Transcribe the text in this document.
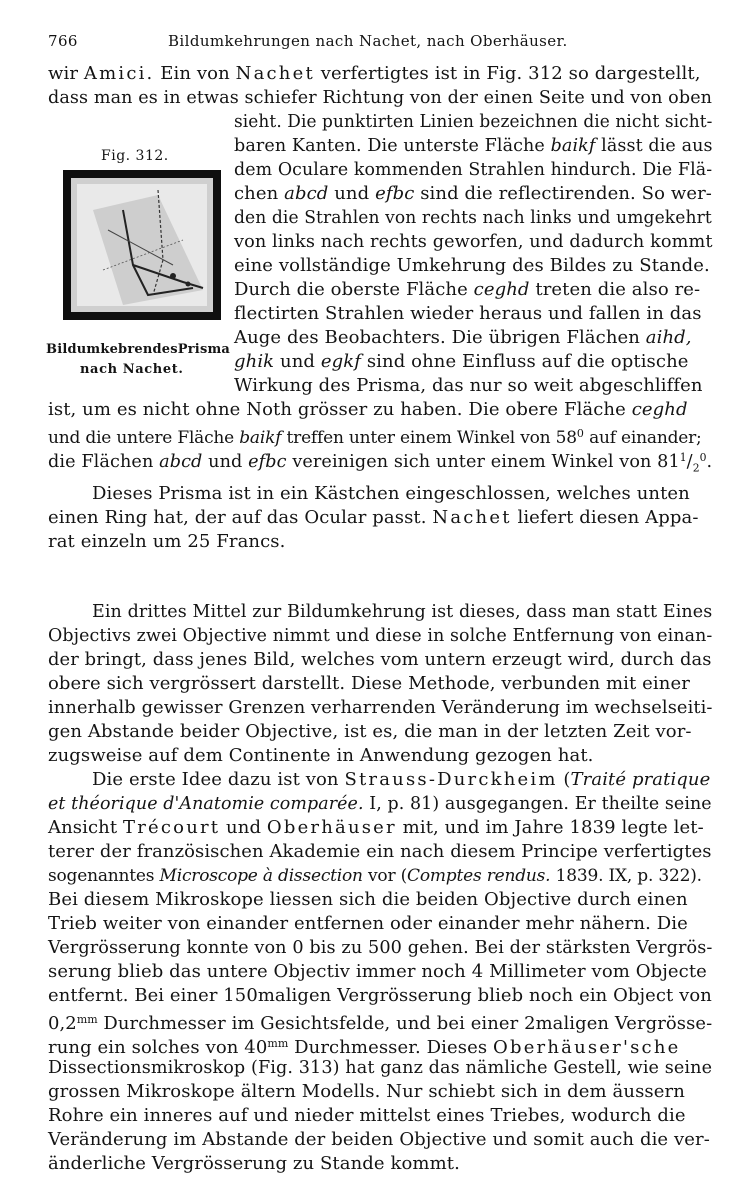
766	Bildumkehrungen nach Nachet, nach Oberhäuser.
Fig. 312.
BildumkebrendesPrisma
nach Nachet.
wir Amici. Ein von Nachet verfertigtes ist in Fig. 312 so dargestellt,
dass man es in etwas schiefer Richtung von der einen Seite und von oben
sieht. Die punktirten Linien bezeichnen die nicht sicht-
baren Kanten. Die unterste Fläche baikf lässt die aus
dem Oculare kommenden Strahlen hindurch. Die Flä-
chen abcd und efbc sind die reflectirenden. So wer-
den die Strahlen von rechts nach links und umgekehrt
von links nach rechts geworfen, und dadurch kommt
eine vollständige Umkehrung des Bildes zu Stande.
Durch die oberste Fläche ceghd treten die also re-
flectirten Strahlen wieder heraus und fallen in das
Auge des Beobachters. Die übrigen Flächen aihd,
ghik und egkf sind ohne Einfluss auf die optische
Wirkung des Prisma, das nur so weit abgeschliffen
ist, um es nicht ohne Noth grösser zu haben. Die obere Fläche ceghd
und die untere Fläche baikf treffen unter einem Winkel von $58^0$ auf einander;
die Flächen abcd und efbc vereinigen sich unter einem Winkel von $81^1/_2^0$.
Dieses Prisma ist in ein Kästchen eingeschlossen, welches unten
einen Ring hat, der auf das Ocular passt. Nachet liefert diesen Appa-
rat einzeln um 25 Francs.
Ein drittes Mittel zur Bildumkehrung ist dieses, dass man statt Eines
Objectivs zwei Objective nimmt und diese in solche Entfernung von einan-
der bringt, dass jenes Bild, welches vom untern erzeugt wird, durch das
obere sich vergrössert darstellt. Diese Methode, verbunden mit einer
innerhalb gewisser Grenzen verharrenden Veränderung im wechselseiti-
gen Abstande beider Objective, ist es, die man in der letzten Zeit vor-
zugsweise auf dem Continente in Anwendung gezogen hat.
Die erste Idee dazu ist von Strauss-Durckheim (Traité pratique
et théorique d'Anatomie comparée. I, p. 81) ausgegangen. Er theilte seine
Ansicht Trécourt und Oberhäuser mit, und im Jahre 1839 legte let-
terer der französischen Akademie ein nach diesem Principe verfertigtes
sogenanntes Microscope à dissection vor (Comptes rendus. 1839. IX, p. 322).
Bei diesem Mikroskope liessen sich die beiden Objective durch einen
Trieb weiter von einander entfernen oder einander mehr nähern. Die
Vergrösserung konnte von 0 bis zu 500 gehen. Bei der stärksten Vergrös-
serung blieb das untere Objectiv immer noch 4 Millimeter vom Objecte
entfernt. Bei einer 150maligen Vergrösserung blieb noch ein Object von
$0,2^{mm}$ Durchmesser im Gesichtsfelde, und bei einer 2maligen Vergrösse-
rung ein solches von $40^{mm}$ Durchmesser. Dieses Oberhäuser'sche
Dissectionsmikroskop (Fig. 313) hat ganz das nämliche Gestell, wie seine
grossen Mikroskope ältern Modells. Nur schiebt sich in dem äussern
Rohre ein inneres auf und nieder mittelst eines Triebes, wodurch die
Veränderung im Abstande der beiden Objective und somit auch die ver-
änderliche Vergrösserung zu Stande kommt.
